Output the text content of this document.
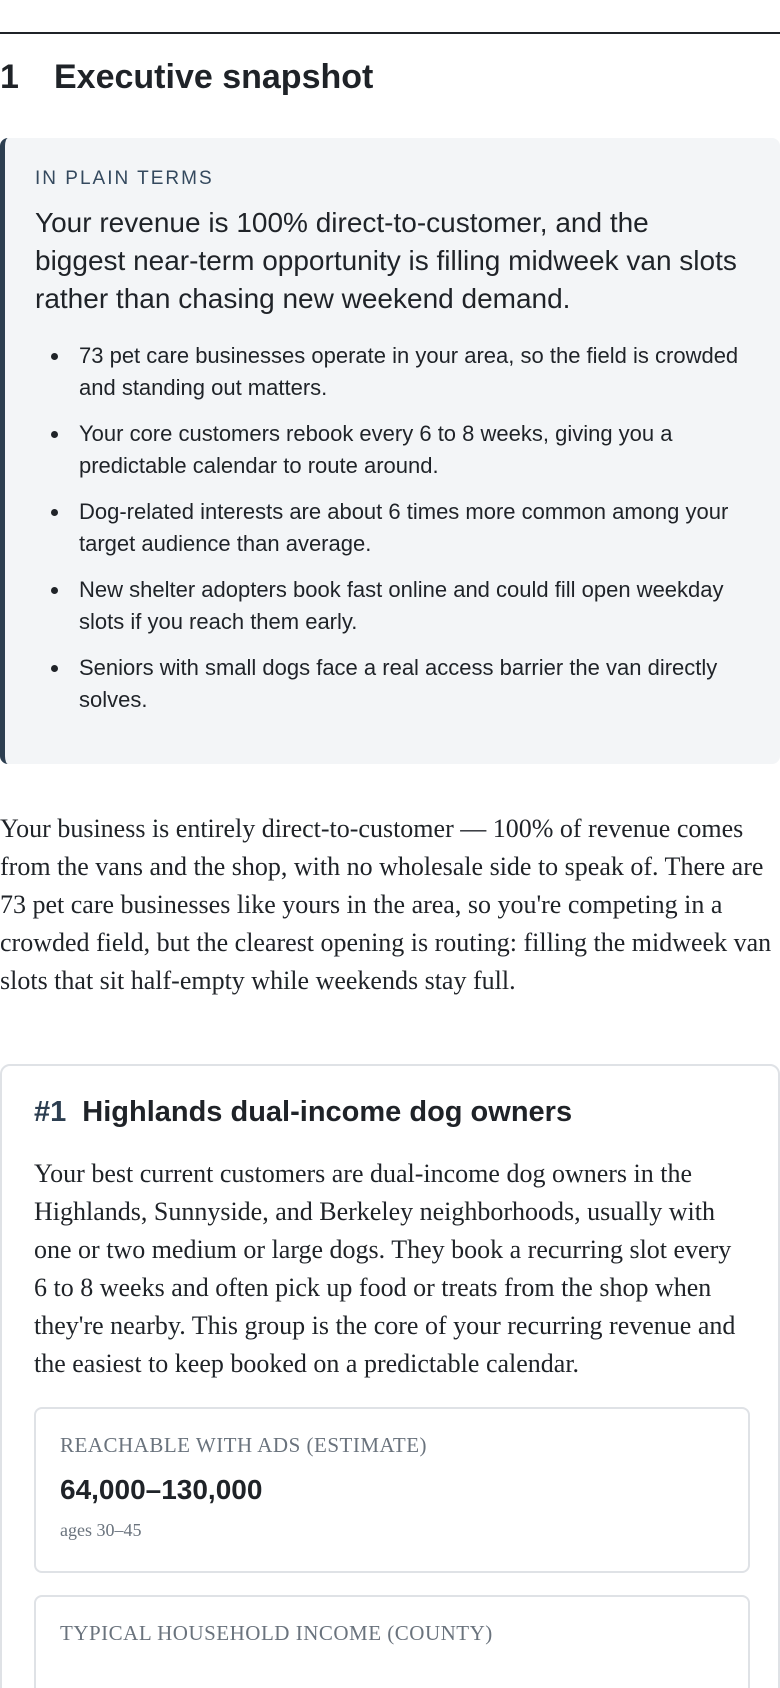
1	Executive snapshot
IN PLAIN TERMS

Your revenue is 100% direct-to-customer, and the biggest near-term opportunity is filling midweek van slots rather than chasing new weekend demand.

73 pet care businesses operate in your area, so the field is crowded and standing out matters.
Your core customers rebook every 6 to 8 weeks, giving you a predictable calendar to route around.
Dog-related interests are about 6 times more common among your target audience than average.
New shelter adopters book fast online and could fill open weekday slots if you reach them early.
Seniors with small dogs face a real access barrier the van directly solves.

Your business is entirely direct-to-customer — 100% of revenue comes from the vans and the shop, with no wholesale side to speak of. There are 73 pet care businesses like yours in the area, so you're competing in a crowded field, but the clearest opening is routing: filling the midweek van slots that sit half-empty while weekends stay full.

#1 Highlands dual-income dog owners

Your best current customers are dual-income dog owners in the Highlands, Sunnyside, and Berkeley neighborhoods, usually with one or two medium or large dogs. They book a recurring slot every 6 to 8 weeks and often pick up food or treats from the shop when they're nearby. This group is the core of your recurring revenue and the easiest to keep booked on a predictable calendar.

REACHABLE WITH ADS (ESTIMATE)
64,000–130,000
ages 30–45
TYPICAL HOUSEHOLD INCOME (COUNTY)
